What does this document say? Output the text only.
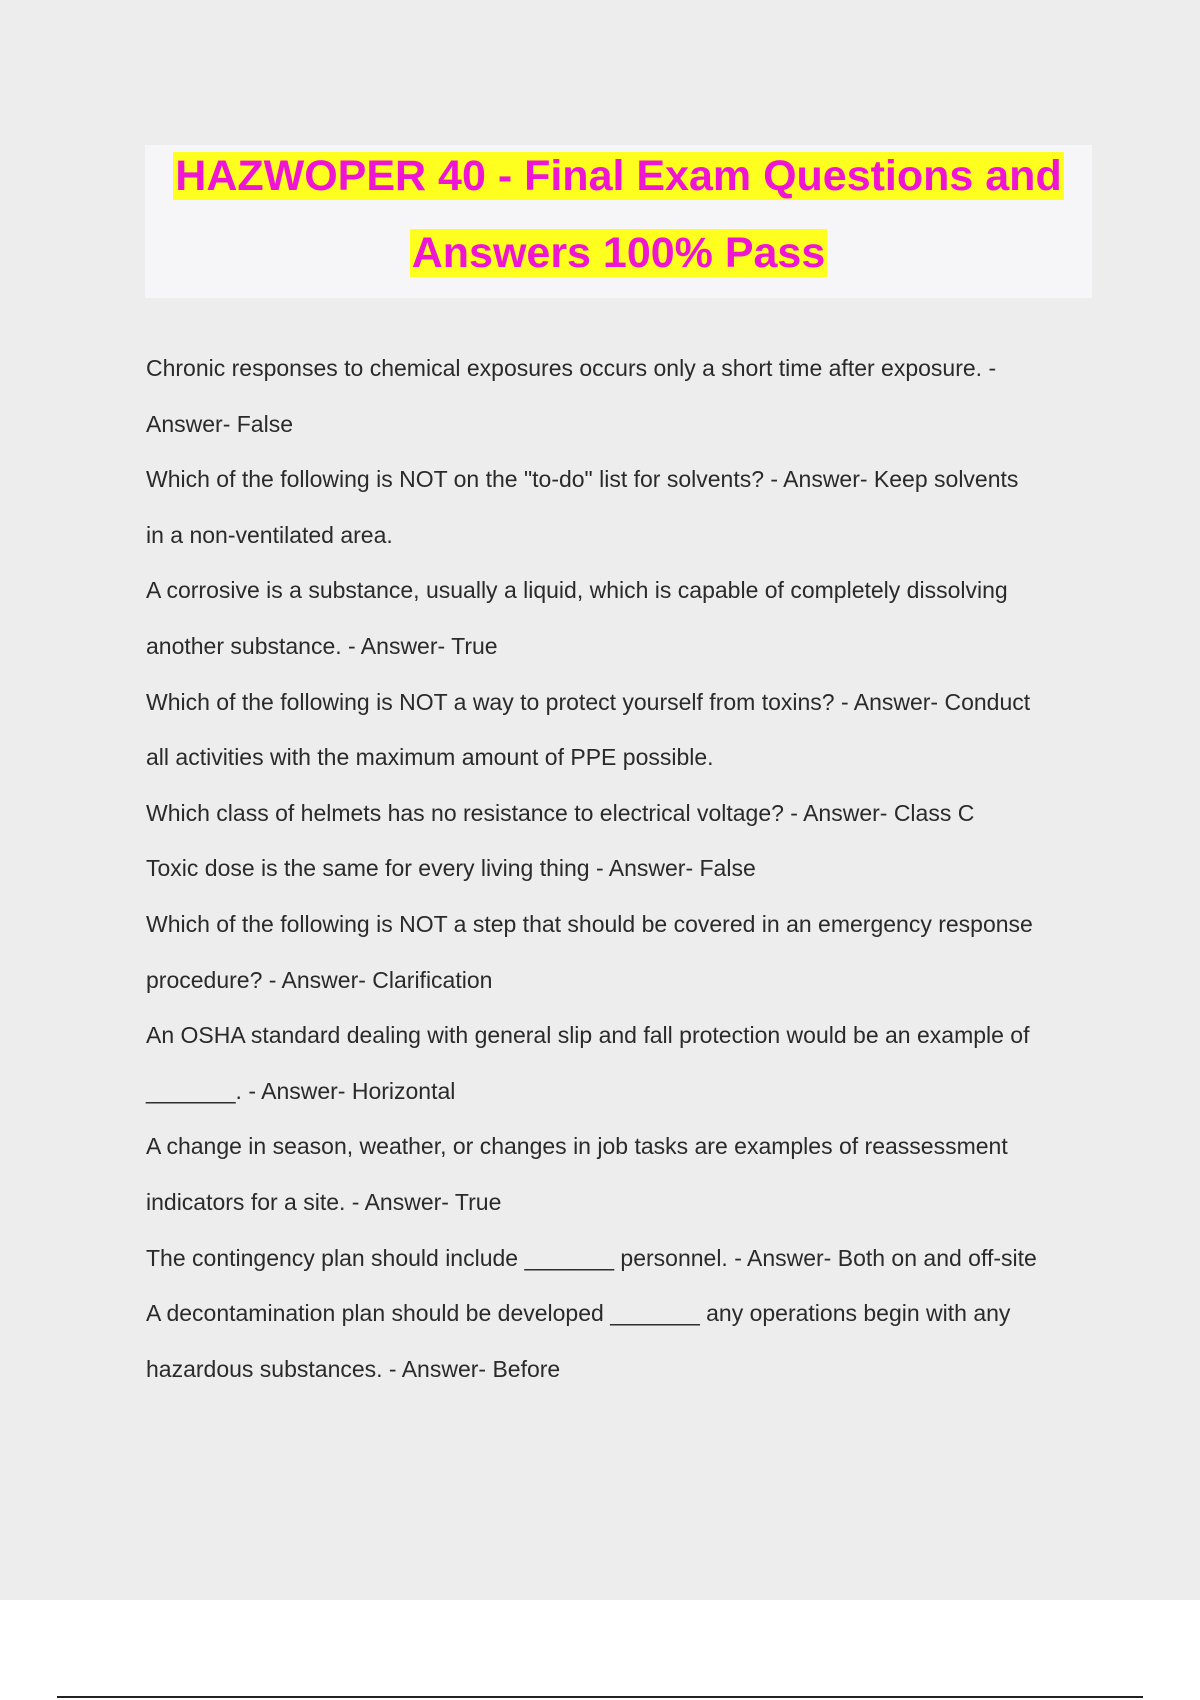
HAZWOPER 40 - Final Exam Questions and
Answers 100% Pass
Chronic responses to chemical exposures occurs only a short time after exposure. -
Answer- False
Which of the following is NOT on the "to-do" list for solvents? - Answer- Keep solvents
in a non-ventilated area.
A corrosive is a substance, usually a liquid, which is capable of completely dissolving
another substance. - Answer- True
Which of the following is NOT a way to protect yourself from toxins? - Answer- Conduct
all activities with the maximum amount of PPE possible.
Which class of helmets has no resistance to electrical voltage? - Answer- Class C
Toxic dose is the same for every living thing - Answer- False
Which of the following is NOT a step that should be covered in an emergency response
procedure? - Answer- Clarification
An OSHA standard dealing with general slip and fall protection would be an example of
_______. - Answer- Horizontal
A change in season, weather, or changes in job tasks are examples of reassessment
indicators for a site. - Answer- True
The contingency plan should include _______ personnel. - Answer- Both on and off-site
A decontamination plan should be developed _______ any operations begin with any
hazardous substances. - Answer- Before
